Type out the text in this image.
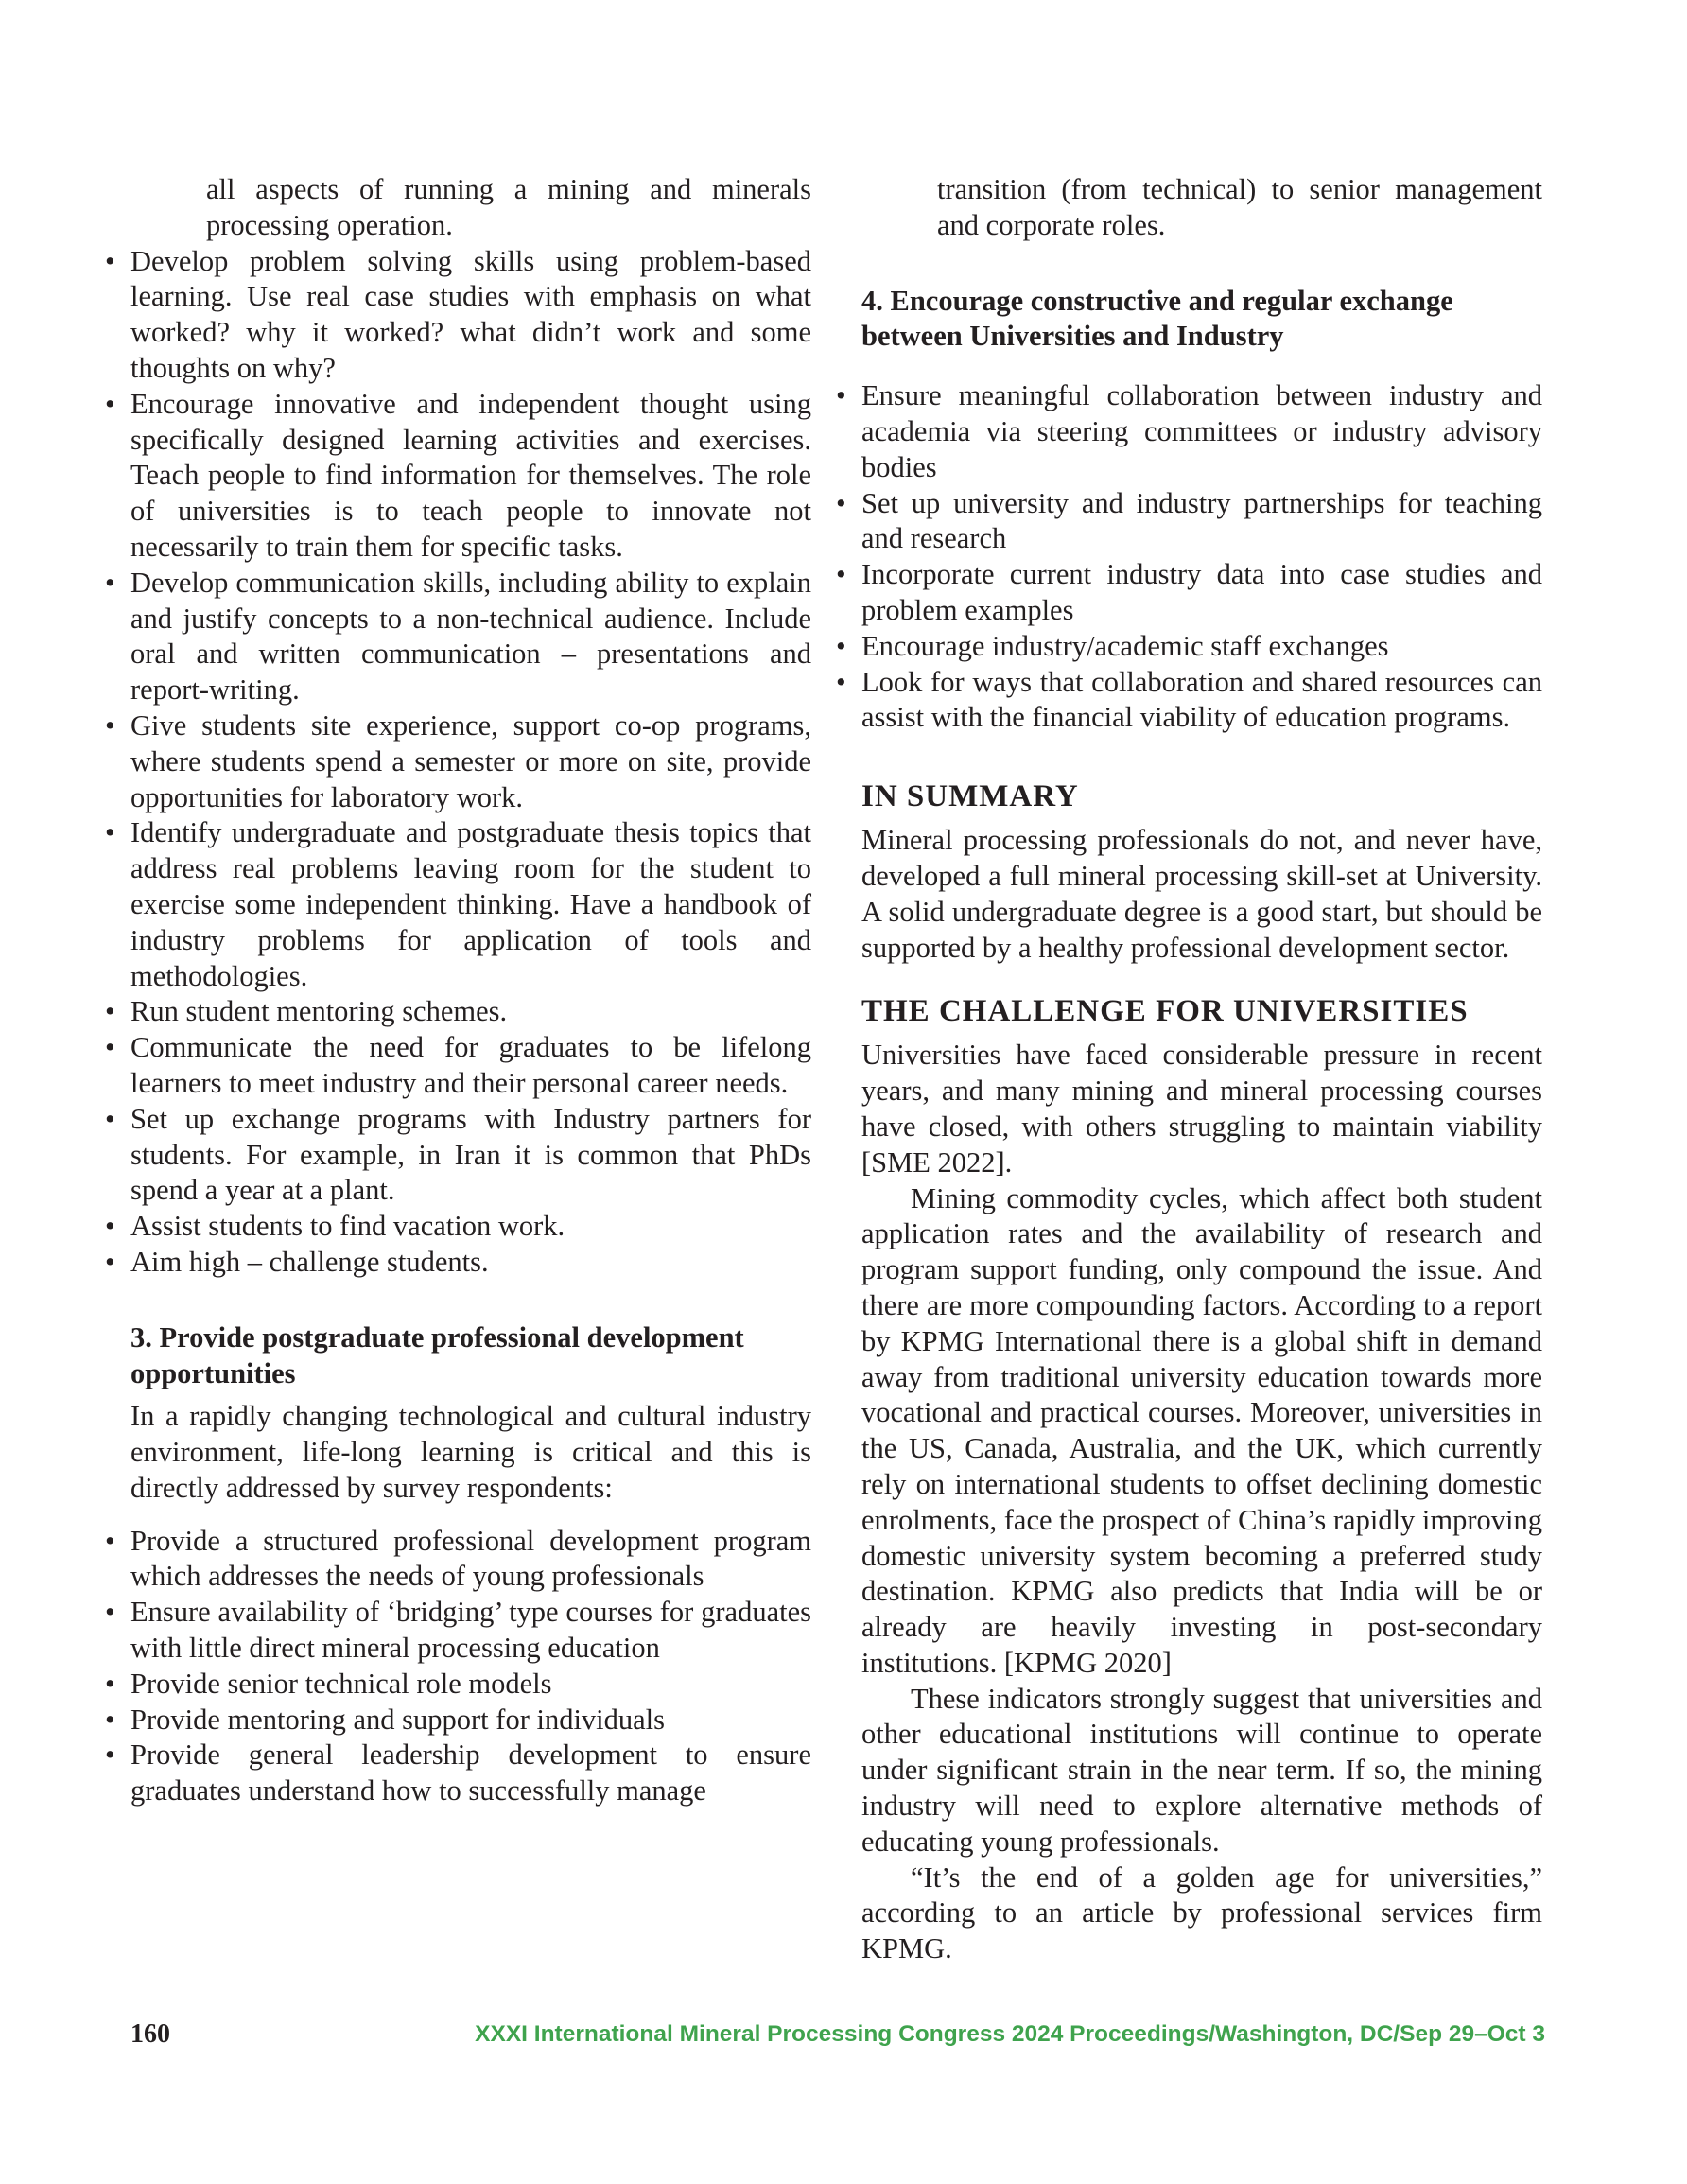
all aspects of running a mining and minerals processing operation.

• Develop problem solving skills using problem-based learning. Use real case studies with emphasis on what worked? why it worked? what didn’t work and some thoughts on why?
• Encourage innovative and independent thought using specifically designed learning activities and exercises. Teach people to find information for themselves. The role of universities is to teach people to innovate not necessarily to train them for specific tasks.
• Develop communication skills, including ability to explain and justify concepts to a non-technical audience. Include oral and written communication – presentations and report-writing.
• Give students site experience, support co-op programs, where students spend a semester or more on site, provide opportunities for laboratory work.
• Identify undergraduate and postgraduate thesis topics that address real problems leaving room for the student to exercise some independent thinking. Have a handbook of industry problems for application of tools and methodologies.
• Run student mentoring schemes.
• Communicate the need for graduates to be lifelong learners to meet industry and their personal career needs.
• Set up exchange programs with Industry partners for students. For example, in Iran it is common that PhDs spend a year at a plant.
• Assist students to find vacation work.
• Aim high – challenge students.
3. Provide postgraduate professional development opportunities

In a rapidly changing technological and cultural industry environment, life-long learning is critical and this is directly addressed by survey respondents:

• Provide a structured professional development program which addresses the needs of young professionals
• Ensure availability of ‘bridging’ type courses for graduates with little direct mineral processing education
• Provide senior technical role models
• Provide mentoring and support for individuals
• Provide general leadership development to ensure graduates understand how to successfully manage

transition (from technical) to senior management and corporate roles.

4. Encourage constructive and regular exchange between Universities and Industry
• Ensure meaningful collaboration between industry and academia via steering committees or industry advisory bodies
• Set up university and industry partnerships for teaching and research
• Incorporate current industry data into case studies and problem examples
• Encourage industry/academic staff exchanges
• Look for ways that collaboration and shared resources can assist with the financial viability of education programs.
IN SUMMARY

Mineral processing professionals do not, and never have, developed a full mineral processing skill-set at University. A solid undergraduate degree is a good start, but should be supported by a healthy professional development sector.

THE CHALLENGE FOR UNIVERSITIES

Universities have faced considerable pressure in recent years, and many mining and mineral processing courses have closed, with others struggling to maintain viability [SME 2022].

Mining commodity cycles, which affect both student application rates and the availability of research and program support funding, only compound the issue. And there are more compounding factors. According to a report by KPMG International there is a global shift in demand away from traditional university education towards more vocational and practical courses. Moreover, universities in the US, Canada, Australia, and the UK, which currently rely on international students to offset declining domestic enrolments, face the prospect of China’s rapidly improving domestic university system becoming a preferred study destination. KPMG also predicts that India will be or already are heavily investing in post-secondary institutions. [KPMG 2020]

These indicators strongly suggest that universities and other educational institutions will continue to operate under significant strain in the near term. If so, the mining industry will need to explore alternative methods of educating young professionals.

“It’s the end of a golden age for universities,” according to an article by professional services firm KPMG.

160	XXXI International Mineral Processing Congress 2024 Proceedings/Washington, DC/Sep 29–Oct 3
